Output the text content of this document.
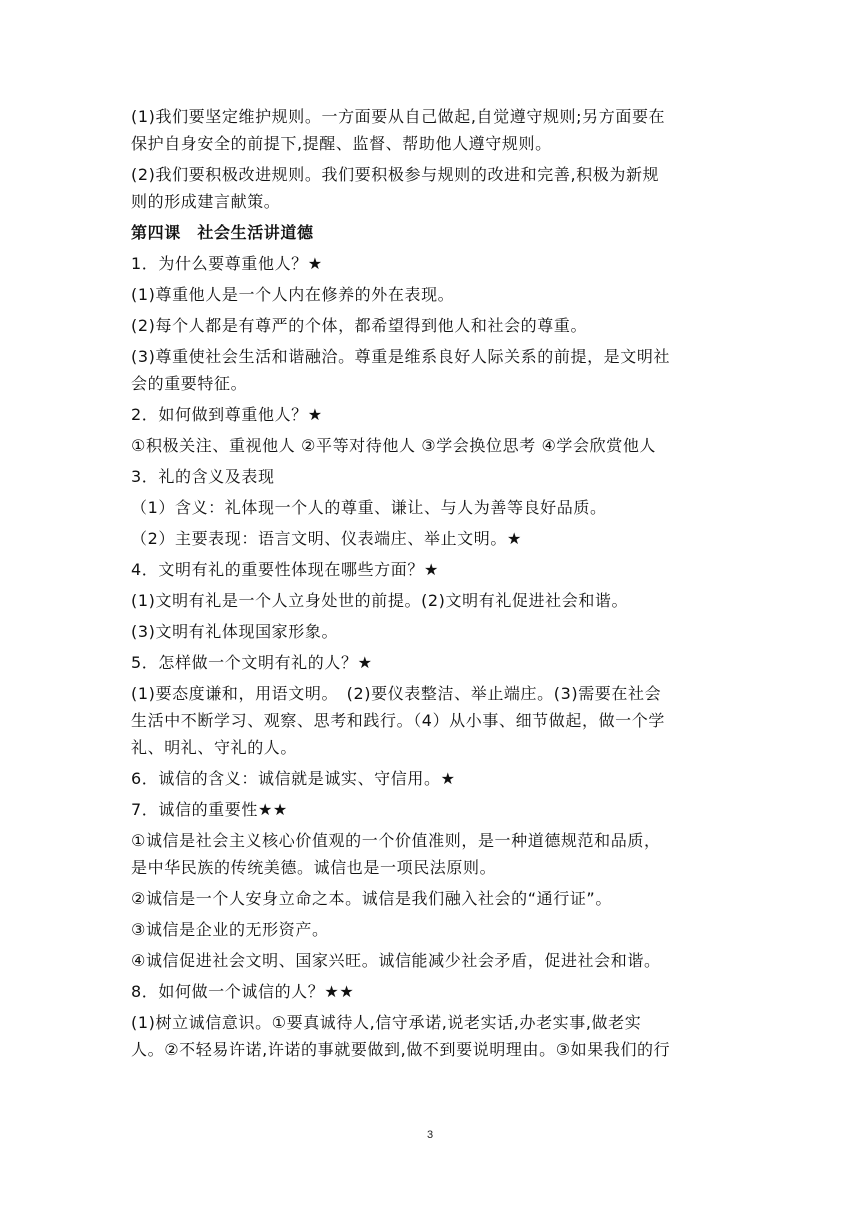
(1)我们要坚定维护规则。一方面要从自己做起,自觉遵守规则;另方面要在
保护自身安全的前提下,提醒、监督、帮助他人遵守规则。
(2)我们要积极改进规则。我们要积极参与规则的改进和完善,积极为新规
则的形成建言献策。
第四课　社会生活讲道德
1．为什么要尊重他人？★
(1)尊重他人是一个人内在修养的外在表现。
(2)每个人都是有尊严的个体，都希望得到他人和社会的尊重。
(3)尊重使社会生活和谐融洽。尊重是维系良好人际关系的前提，是文明社
会的重要特征。
2．如何做到尊重他人？★
①积极关注、重视他人 ②平等对待他人 ③学会换位思考 ④学会欣赏他人
3．礼的含义及表现
（1）含义：礼体现一个人的尊重、谦让、与人为善等良好品质。
（2）主要表现：语言文明、仪表端庄、举止文明。★
4．文明有礼的重要性体现在哪些方面？★
(1)文明有礼是一个人立身处世的前提。(2)文明有礼促进社会和谐。
(3)文明有礼体现国家形象。
5．怎样做一个文明有礼的人？★
(1)要态度谦和，用语文明。　(2)要仪表整洁、举止端庄。(3)需要在社会
生活中不断学习、观察、思考和践行。（4）从小事、细节做起，做一个学
礼、明礼、守礼的人。
6．诚信的含义：诚信就是诚实、守信用。★
7．诚信的重要性★★
①诚信是社会主义核心价值观的一个价值准则，是一种道德规范和品质，
是中华民族的传统美德。诚信也是一项民法原则。
②诚信是一个人安身立命之本。诚信是我们融入社会的“通行证”。
③诚信是企业的无形资产。
④诚信促进社会文明、国家兴旺。诚信能减少社会矛盾，促进社会和谐。
8．如何做一个诚信的人？★★
(1)树立诚信意识。①要真诚待人,信守承诺,说老实话,办老实事,做老实
人。②不轻易许诺,许诺的事就要做到,做不到要说明理由。③如果我们的行
3
